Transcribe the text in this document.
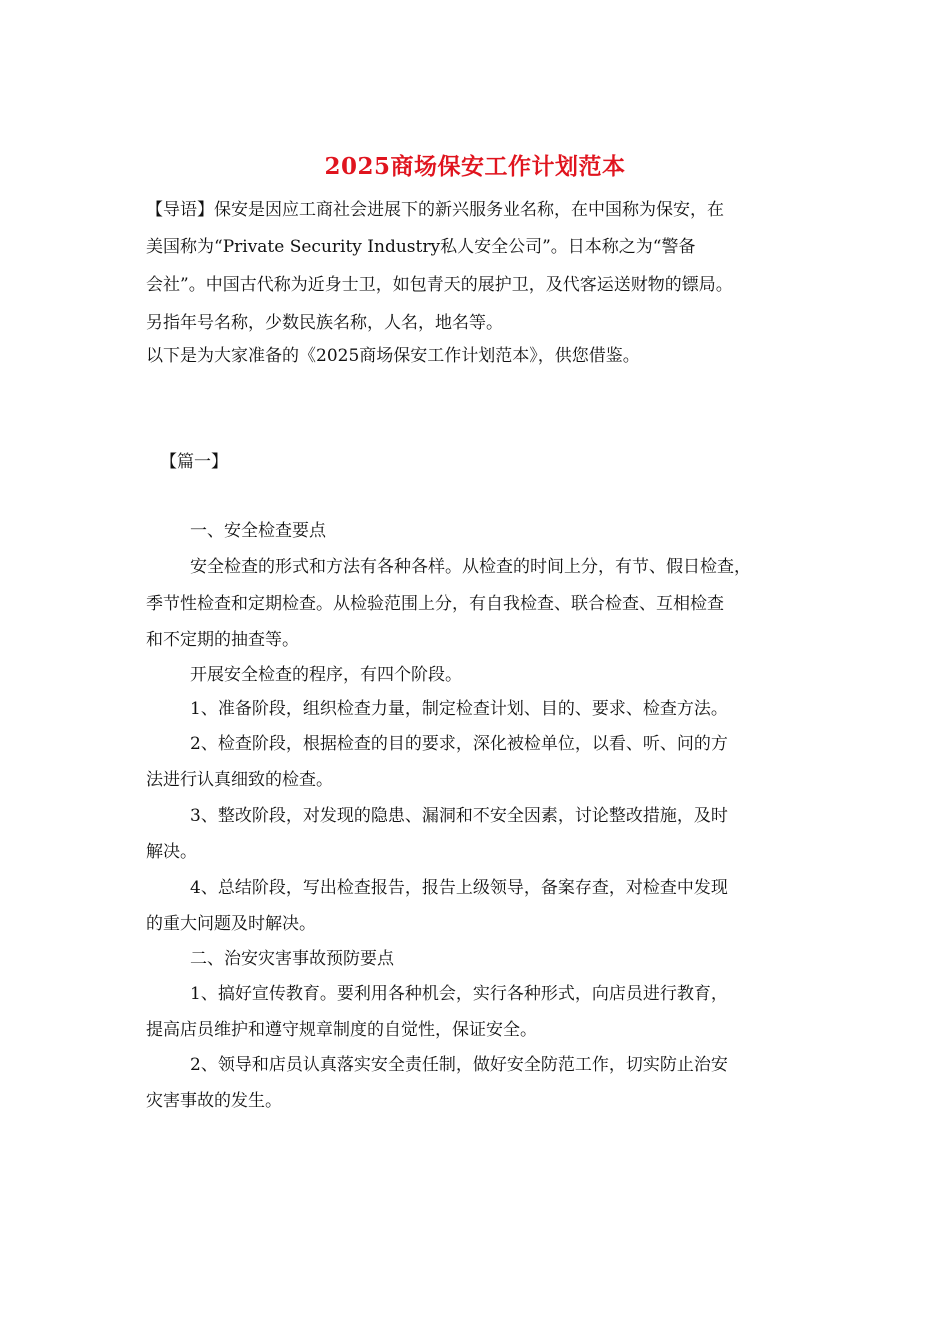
2025商场保安工作计划范本
【导语】保安是因应工商社会进展下的新兴服务业名称，在中国称为保安，在
美国称为“Private Security Industry私人安全公司”。日本称之为“警备
会社”。中国古代称为近身士卫，如包青天的展护卫，及代客运送财物的镖局。
另指年号名称，少数民族名称，人名，地名等。
以下是为大家准备的《2025商场保安工作计划范本》，供您借鉴。
【篇一】
一、安全检查要点
安全检查的形式和方法有各种各样。从检查的时间上分，有节、假日检查，
季节性检查和定期检查。从检验范围上分，有自我检查、联合检查、互相检查
和不定期的抽查等。
开展安全检查的程序，有四个阶段。
1、准备阶段，组织检查力量，制定检查计划、目的、要求、检查方法。
2、检查阶段，根据检查的目的要求，深化被检单位，以看、听、问的方
法进行认真细致的检查。
3、整改阶段，对发现的隐患、漏洞和不安全因素，讨论整改措施，及时
解决。
4、总结阶段，写出检查报告，报告上级领导，备案存查，对检查中发现
的重大问题及时解决。
二、治安灾害事故预防要点
1、搞好宣传教育。要利用各种机会，实行各种形式，向店员进行教育，
提高店员维护和遵守规章制度的自觉性，保证安全。
2、领导和店员认真落实安全责任制，做好安全防范工作，切实防止治安
灾害事故的发生。
